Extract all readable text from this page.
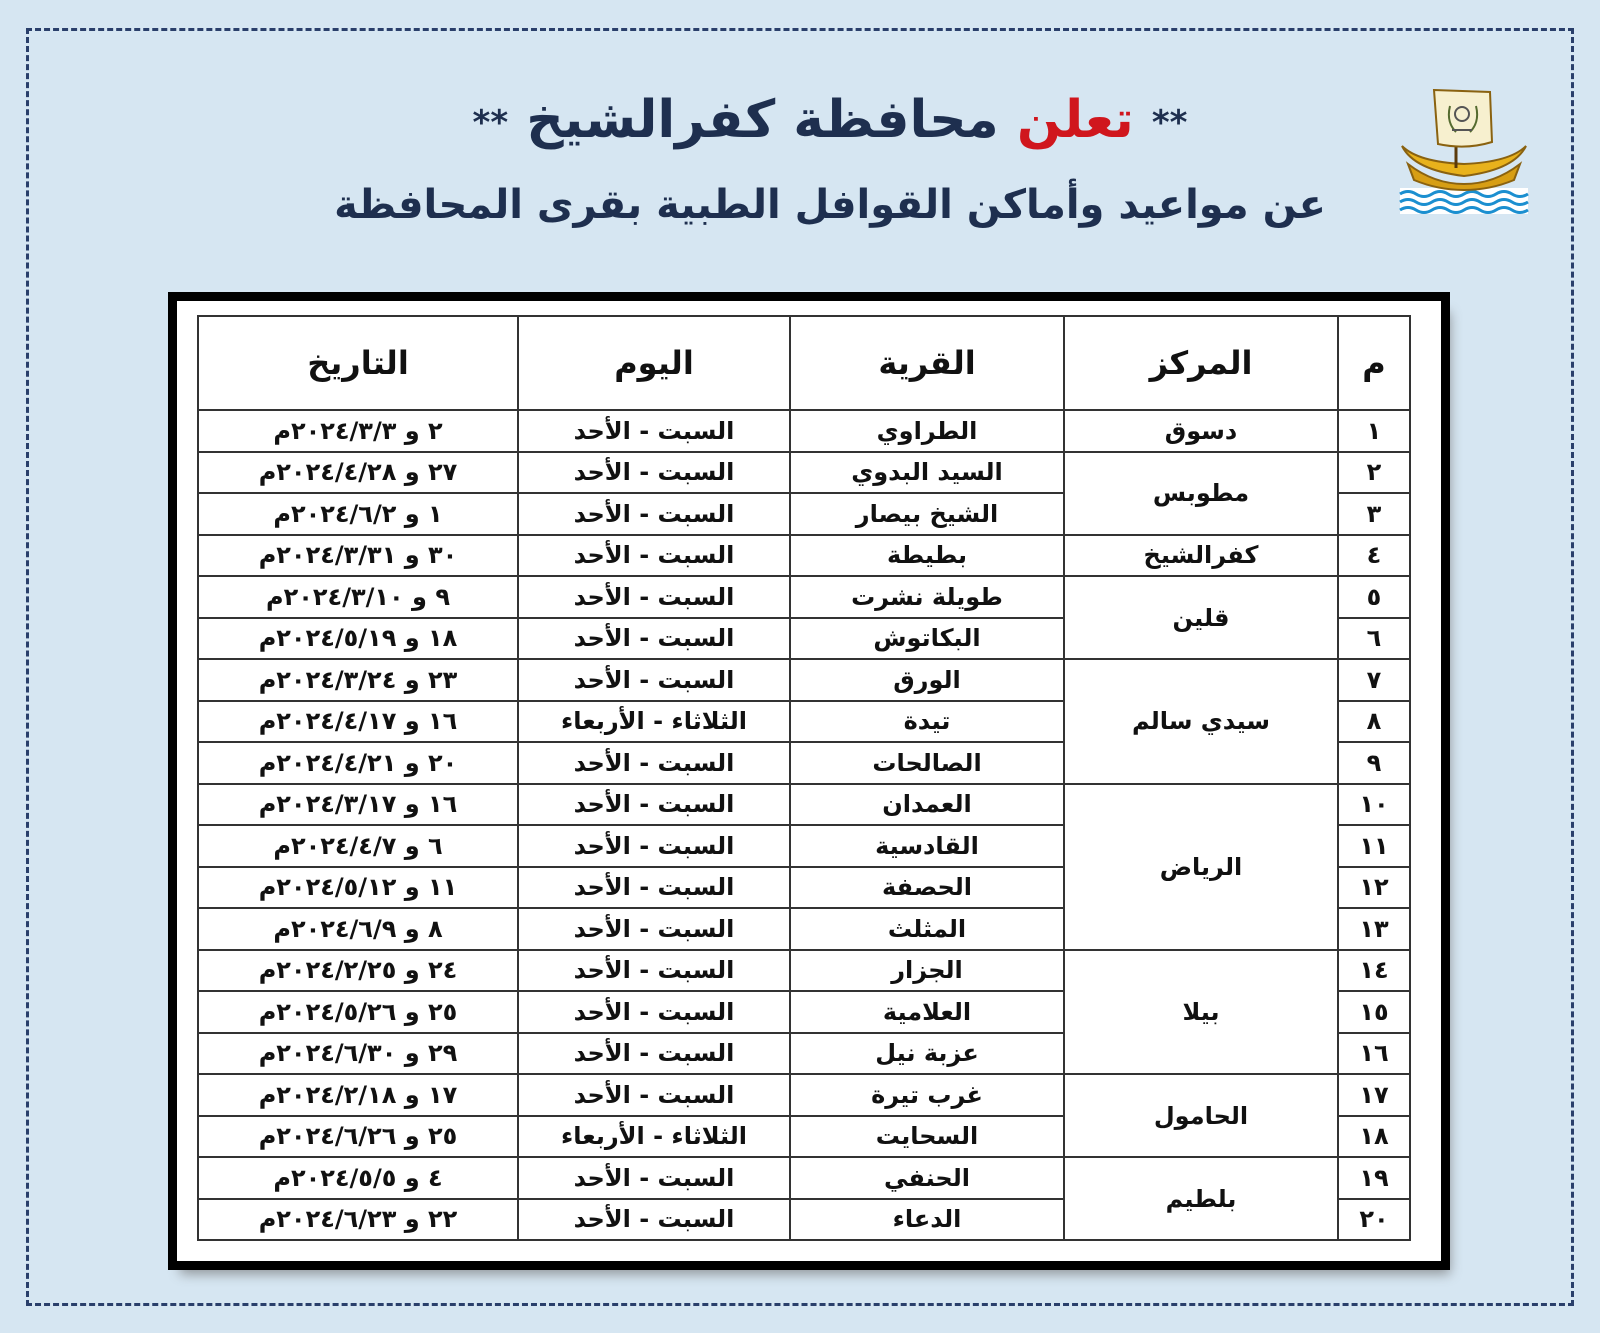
** تعلن محافظة كفرالشيخ **
عن مواعيد وأماكن القوافل الطبية بقرى المحافظة
م	المركز	القرية	اليوم	التاريخ
١	دسوق	الطراوي	السبت - الأحد	٢ و ٢٠٢٤/٣/٣م
٢	مطوبس	السيد البدوي	السبت - الأحد	٢٧ و ٢٠٢٤/٤/٢٨م
٣		الشيخ بيصار	السبت - الأحد	١ و ٢٠٢٤/٦/٢م
٤	كفرالشيخ	بطيطة	السبت - الأحد	٣٠ و ٢٠٢٤/٣/٣١م
٥	قلين	طويلة نشرت	السبت - الأحد	٩ و ٢٠٢٤/٣/١٠م
٦		البكاتوش	السبت - الأحد	١٨ و ٢٠٢٤/٥/١٩م
٧	سيدي سالم	الورق	السبت - الأحد	٢٣ و ٢٠٢٤/٣/٢٤م
٨		تيدة	الثلاثاء - الأربعاء	١٦ و ٢٠٢٤/٤/١٧م
٩		الصالحات	السبت - الأحد	٢٠ و ٢٠٢٤/٤/٢١م
١٠	الرياض	العمدان	السبت - الأحد	١٦ و ٢٠٢٤/٣/١٧م
١١		القادسية	السبت - الأحد	٦ و ٢٠٢٤/٤/٧م
١٢		الحصفة	السبت - الأحد	١١ و ٢٠٢٤/٥/١٢م
١٣		المثلث	السبت - الأحد	٨ و ٢٠٢٤/٦/٩م
١٤	بيلا	الجزار	السبت - الأحد	٢٤ و ٢٠٢٤/٢/٢٥م
١٥		العلامية	السبت - الأحد	٢٥ و ٢٠٢٤/٥/٢٦م
١٦		عزبة نيل	السبت - الأحد	٢٩ و ٢٠٢٤/٦/٣٠م
١٧	الحامول	غرب تيرة	السبت - الأحد	١٧ و ٢٠٢٤/٢/١٨م
١٨		السحايت	الثلاثاء - الأربعاء	٢٥ و ٢٠٢٤/٦/٢٦م
١٩	بلطيم	الحنفي	السبت - الأحد	٤ و ٢٠٢٤/٥/٥م
٢٠		الدعاء	السبت - الأحد	٢٢ و ٢٠٢٤/٦/٢٣م
